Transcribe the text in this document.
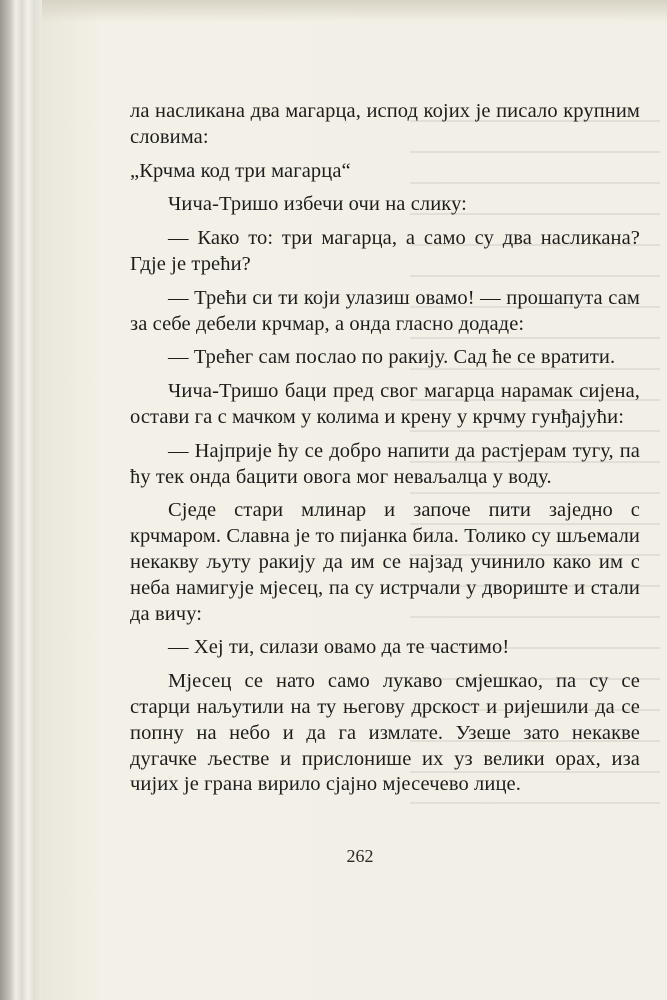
ла насликана два магарца, испод којих је писало крупним словима:

„Крчма код три магарца“

Чича-Тришо избечи очи на слику:

— Како то: три магарца, а само су два насликана? Гдје је трећи?

— Трећи си ти који улазиш овамо! — прошапута сам за себе дебели крчмар, а онда гласно додаде:

— Трећег сам послао по ракију. Сад ће се вратити.

Чича-Тришо баци пред свог магарца нарамак сијена, остави га с мачком у колима и крену у крчму гунђајући:

— Најприје ћу се добро напити да растјерам тугу, па ћу тек онда бацити овога мог неваљалца у воду.

Сједе стари млинар и започе пити заједно с крчмаром. Славна је то пијанка била. Толико су шљемали некакву љуту ракију да им се најзад учинило како им с неба намигује мјесец, па су истрчали у двориште и стали да вичу:

— Хеј ти, силази овамо да те частимо!

Мјесец се нато само лукаво смјешкао, па су се старци наљутили на ту његову дрскост и ријешили да се попну на небо и да га измлате. Узеше зато некакве дугачке љестве и прислонише их уз велики орах, иза чијих је грана вирило сјајно мјесечево лице.

262
